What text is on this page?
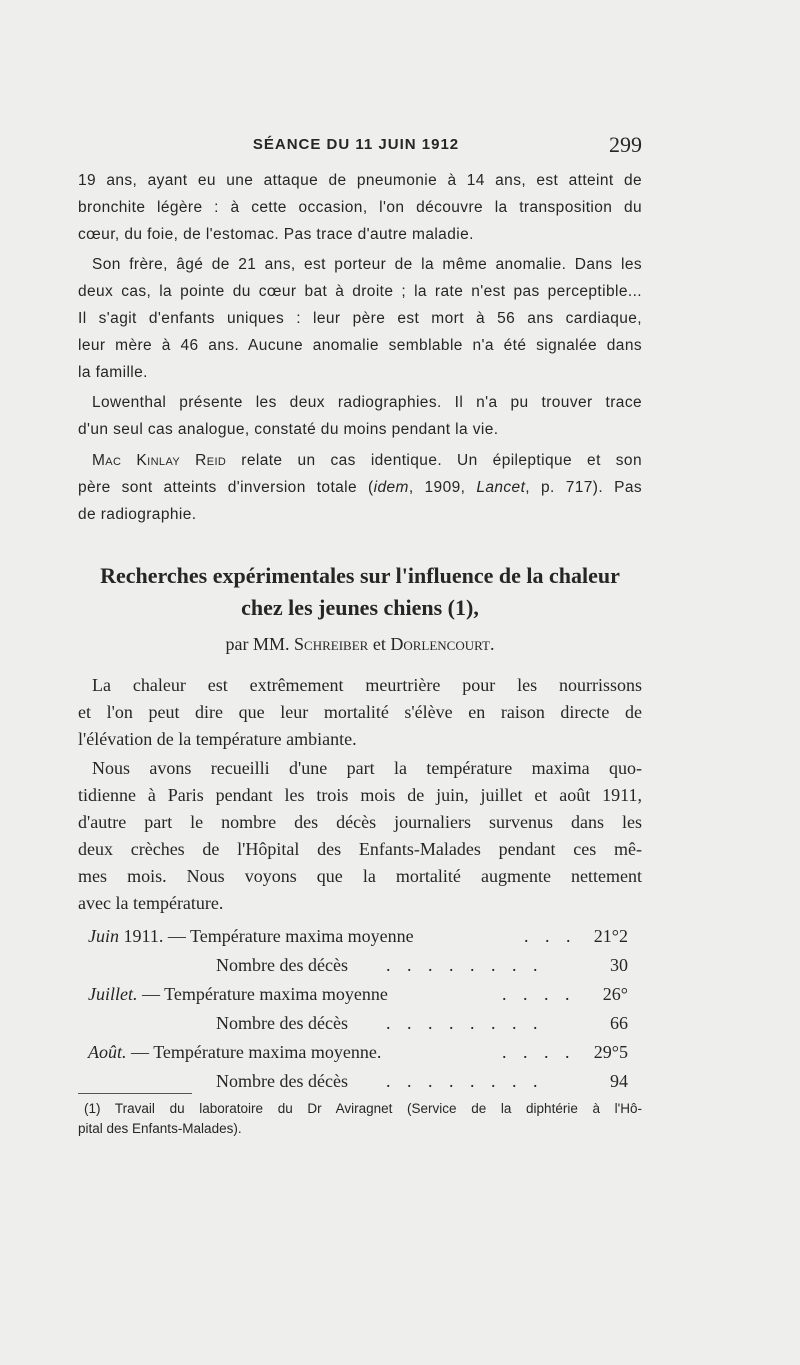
SÉANCE DU 11 JUIN 1912	299
19 ans, ayant eu une attaque de pneumonie à 14 ans, est atteint de
bronchite légère : à cette occasion, l'on découvre la transposition du
cœur, du foie, de l'estomac. Pas trace d'autre maladie.
Son frère, âgé de 21 ans, est porteur de la même anomalie. Dans les
deux cas, la pointe du cœur bat à droite ; la rate n'est pas perceptible...
Il s'agit d'enfants uniques : leur père est mort à 56 ans cardiaque,
leur mère à 46 ans. Aucune anomalie semblable n'a été signalée dans
la famille.
Lowenthal présente les deux radiographies. Il n'a pu trouver trace
d'un seul cas analogue, constaté du moins pendant la vie.
Mac Kinlay Reid relate un cas identique. Un épileptique et son
père sont atteints d'inversion totale (idem, 1909, Lancet, p. 717). Pas
de radiographie.
Recherches expérimentales sur l'influence de la chaleur
chez les jeunes chiens (1),
par MM. Schreiber et Dorlencourt.
La chaleur est extrêmement meurtrière pour les nourrissons
et l'on peut dire que leur mortalité s'élève en raison directe de
l'élévation de la température ambiante.
Nous avons recueilli d'une part la température maxima quo-
tidienne à Paris pendant les trois mois de juin, juillet et août 1911,
d'autre part le nombre des décès journaliers survenus dans les
deux crèches de l'Hôpital des Enfants-Malades pendant ces mê-
mes mois. Nous voyons que la mortalité augmente nettement
avec la température.
Juin 1911. — Température maxima moyenne	. . . 21°2
Nombre des décès . . . . . . . .	30
Juillet. — Température maxima moyenne	. . . . 26°
Nombre des décès . . . . . . . .	66
Août. — Température maxima moyenne.	. . . . 29°5
Nombre des décès . . . . . . . .	94
(1) Travail du laboratoire du Dr Aviragnet (Service de la diphtérie à l'Hô-
pital des Enfants-Malades).
